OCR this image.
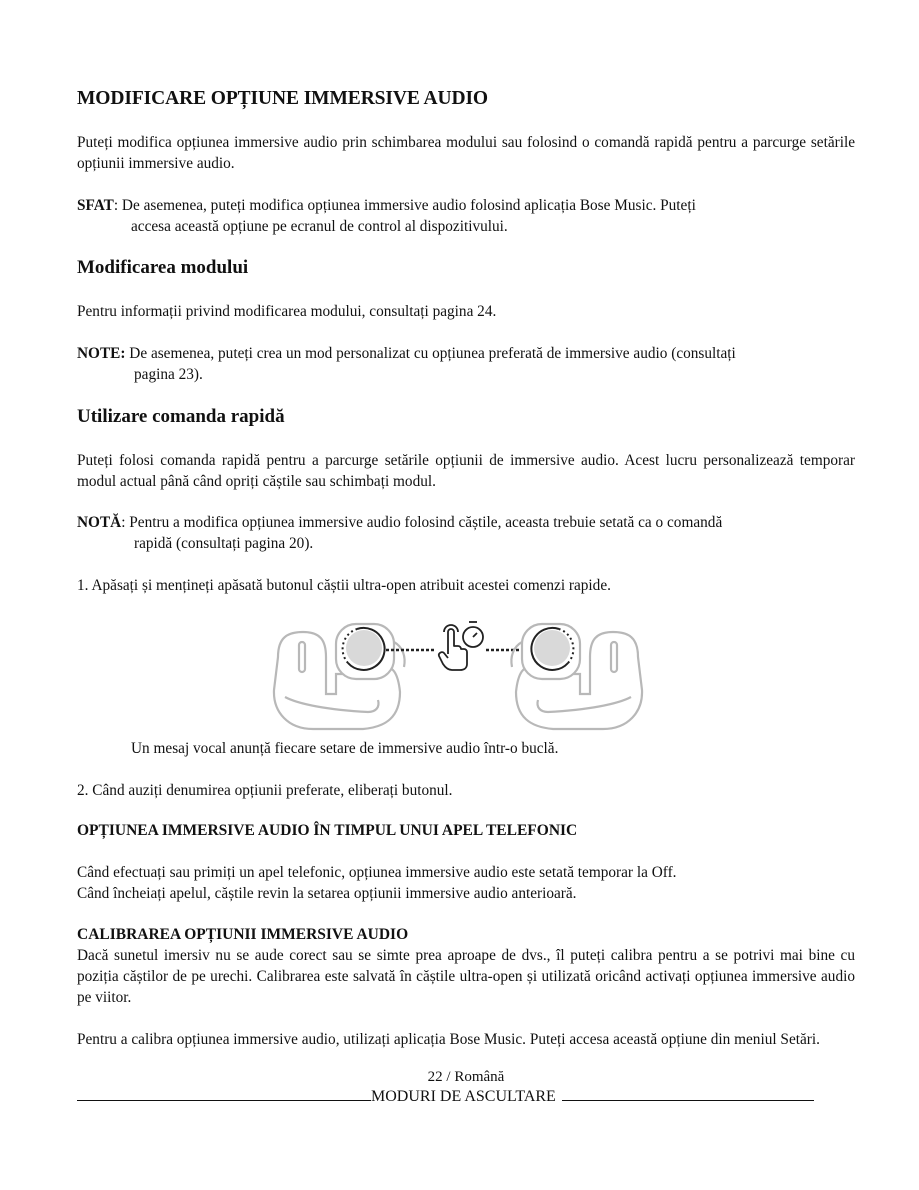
MODIFICARE OPȚIUNE IMMERSIVE AUDIO
Puteți modifica opțiunea immersive audio prin schimbarea modului sau folosind o comandă rapidă pentru a parcurge setările opțiunii immersive audio.
SFAT: De asemenea, puteți modifica opțiunea immersive audio folosind aplicația Bose Music. Puteți
accesa această opțiune pe ecranul de control al dispozitivului.
Modificarea modului
Pentru informații privind modificarea modului, consultați pagina 24.
NOTE: De asemenea, puteți crea un mod personalizat cu opțiunea preferată de immersive audio (consultați
pagina 23).
Utilizare comanda rapidă
Puteți folosi comanda rapidă pentru a parcurge setările opțiunii de immersive audio. Acest lucru personalizează temporar modul actual până când opriți căștile sau schimbați modul.
NOTĂ: Pentru a modifica opțiunea immersive audio folosind căștile, aceasta trebuie setată ca o comandă
rapidă (consultați pagina 20).
1. Apăsați și mențineți apăsată butonul căștii ultra-open atribuit acestei comenzi rapide.
Un mesaj vocal anunță fiecare setare de immersive audio într-o buclă.
2. Când auziți denumirea opțiunii preferate, eliberați butonul.
OPȚIUNEA IMMERSIVE AUDIO ÎN TIMPUL UNUI APEL TELEFONIC
Când efectuați sau primiți un apel telefonic, opțiunea immersive audio este setată temporar la Off.
Când încheiați apelul, căștile revin la setarea opțiunii immersive audio anterioară.
CALIBRAREA OPȚIUNII IMMERSIVE AUDIO
Dacă sunetul imersiv nu se aude corect sau se simte prea aproape de dvs., îl puteți calibra pentru a se potrivi mai bine cu poziția căștilor de pe urechi. Calibrarea este salvată în căștile ultra-open și utilizată oricând activați opțiunea immersive audio pe viitor.
Pentru a calibra opțiunea immersive audio, utilizați aplicația Bose Music. Puteți accesa această opțiune din meniul Setări.
22 / Română
MODURI DE ASCULTARE
